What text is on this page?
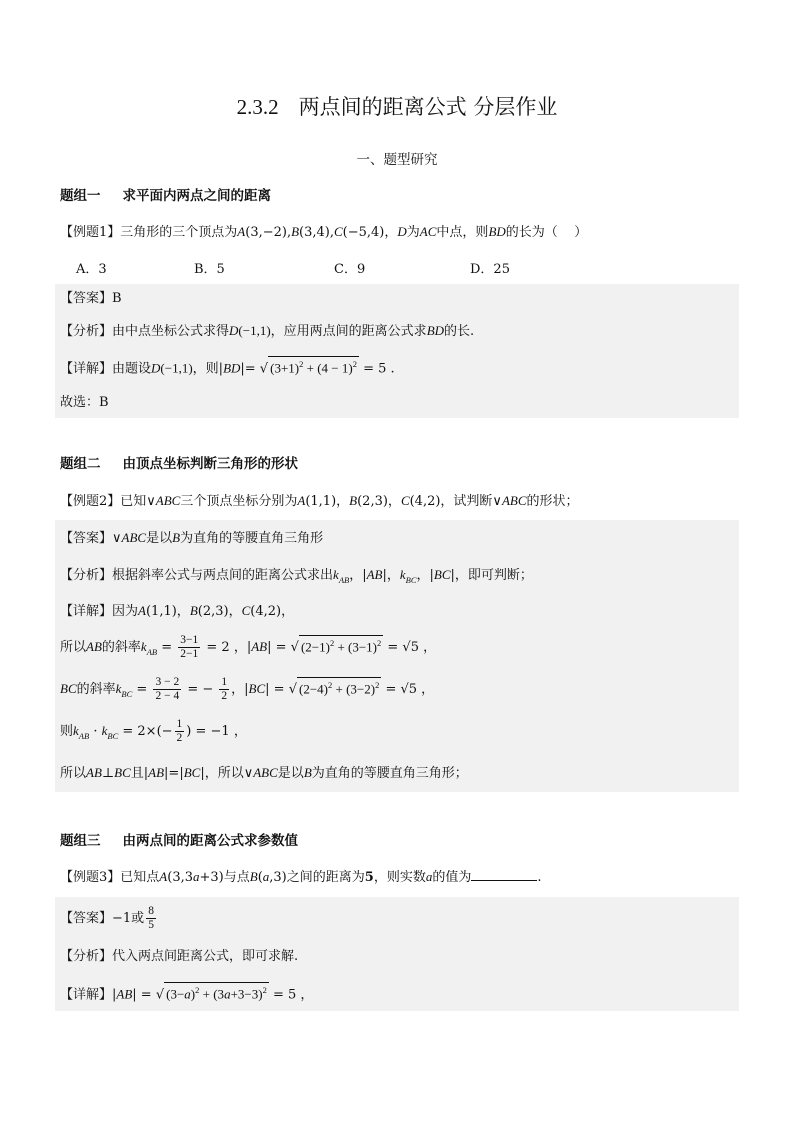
2.3.2 两点间的距离公式 分层作业
一、题型研究
题组一 求平面内两点之间的距离
【例题1】三角形的三个顶点为A(3,−2),B(3,4),C(−5,4)，D为AC中点，则BD的长为（    ）
A．3	B．5	C．9	D．25
【答案】B
【分析】由中点坐标公式求得D(−1,1)，应用两点间的距离公式求BD的长.
【详解】由题设D(−1,1)，则|BD|= √ $(3+1)^2 + (4 - 1)^2 = 5$ .
故选：B
题组二 由顶点坐标判断三角形的形状
【例题2】已知∨ABC三个顶点坐标分别为A(1,1)，B(2,3)，C(4,2)，试判断∨ABC的形状；
【答案】∨ABC是以B为直角的等腰直角三角形
【分析】根据斜率公式与两点间的距离公式求出$k_{AB}$，|AB|，$k_{BC}$，|BC|，即可判断；
【详解】因为A(1,1)，B(2,3)，C(4,2)，
所以AB的斜率$k_{AB} = \frac{3-1}{2-1} = 2$ ，|AB| = √ $(2-1)^2 + (3-1)^2 = √5$ ，
BC的斜率$k_{BC} = \frac{3 - 2}{2 - 4}$ = − $\frac{1}{2}$ ，|BC| = √ $(2-4)^2 + (3-2)^2 = √5$ ，
则$k_{AB} \cdot k_{BC} = 2\times(- \frac{1}{2}$ ) = −1 ，
所以AB⊥BC且|AB|=|BC|，所以∨ABC是以B为直角的等腰直角三角形；
题组三 由两点间的距离公式求参数值
【例题3】已知点A(3,3a+3)与点B(a,3)之间的距离为5，则实数a的值为	.
【答案】−1或 $\frac{8}{5}$
【分析】代入两点间距离公式，即可求解.
【详解】|AB| = √ $(3-a)^2 + (3a+3-3)^2 = 5$ ，
